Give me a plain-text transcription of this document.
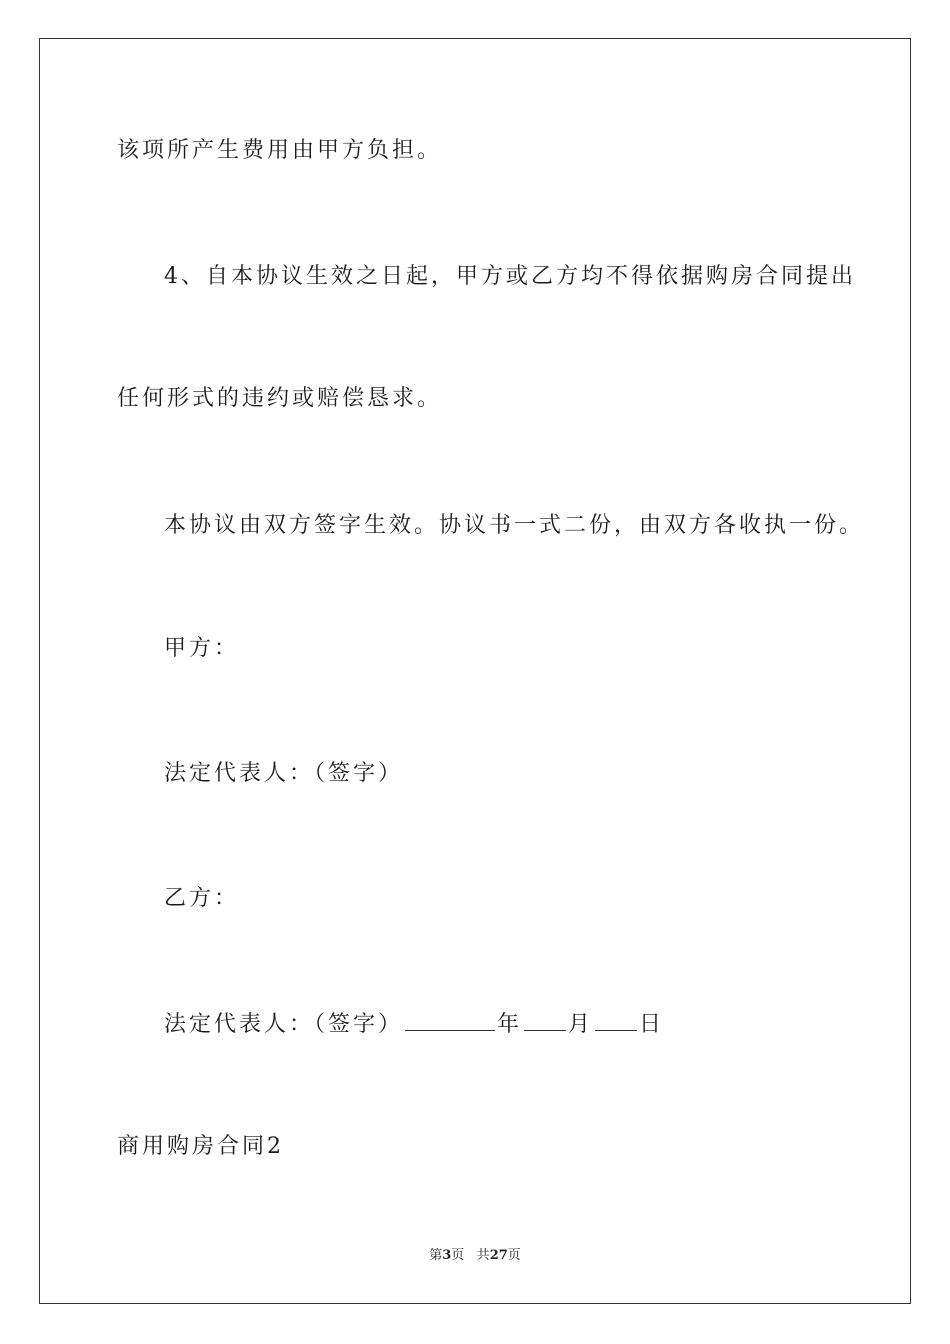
该项所产生费用由甲方负担。
4、自本协议生效之日起，甲方或乙方均不得依据购房合同提出
任何形式的违约或赔偿恳求。
本协议由双方签字生效。协议书一式二份，由双方各收执一份。
甲方：
法定代表人：（签字）
乙方：
法定代表人：（签字）	年 月 日
商用购房合同2
第3页 共27页
